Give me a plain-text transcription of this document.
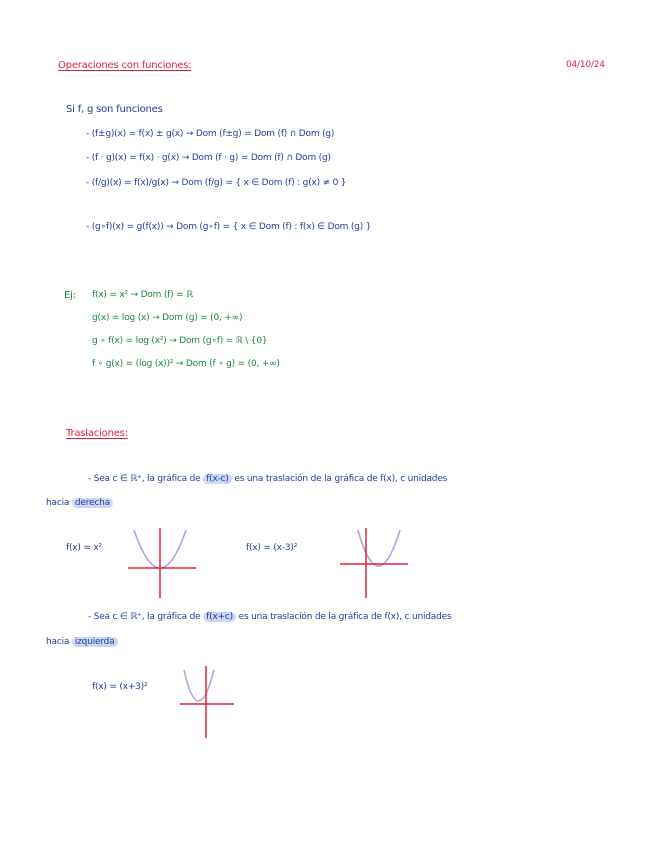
Operaciones con funciones:	04/10/24
Si f, g son funciones
- (f±g)(x) = f(x) ± g(x) → Dom (f±g) = Dom (f) ∩ Dom (g)
- (f · g)(x) = f(x) · g(x) → Dom (f · g) = Dom (f) ∩ Dom (g)
- (f/g)(x) = f(x)/g(x) → Dom (f/g) = { x ∈ Dom (f) : g(x) ≠ 0 }
- (g∘f)(x) = g(f(x)) → Dom (g∘f) = { x ∈ Dom (f) : f(x) ∈ Dom (g) }
Ej: f(x) = x² → Dom (f) = ℝ
g(x) = log (x) → Dom (g) = (0, +∞)
g ∘ f(x) = log (x²) → Dom (g∘f) = ℝ \ {0}
f ∘ g(x) = (log (x))² → Dom (f ∘ g) = (0, +∞)
Traslaciones:
- Sea c ∈ ℝ⁺, la gráfica de f(x-c) es una traslación de la gráfica de f(x), c unidades
hacia derecha
f(x) = x²	f(x) = (x-3)²
- Sea c ∈ ℝ⁺, la gráfica de f(x+c) es una traslación de la gráfica de f(x), c unidades
hacia izquierda
f(x) = (x+3)²
